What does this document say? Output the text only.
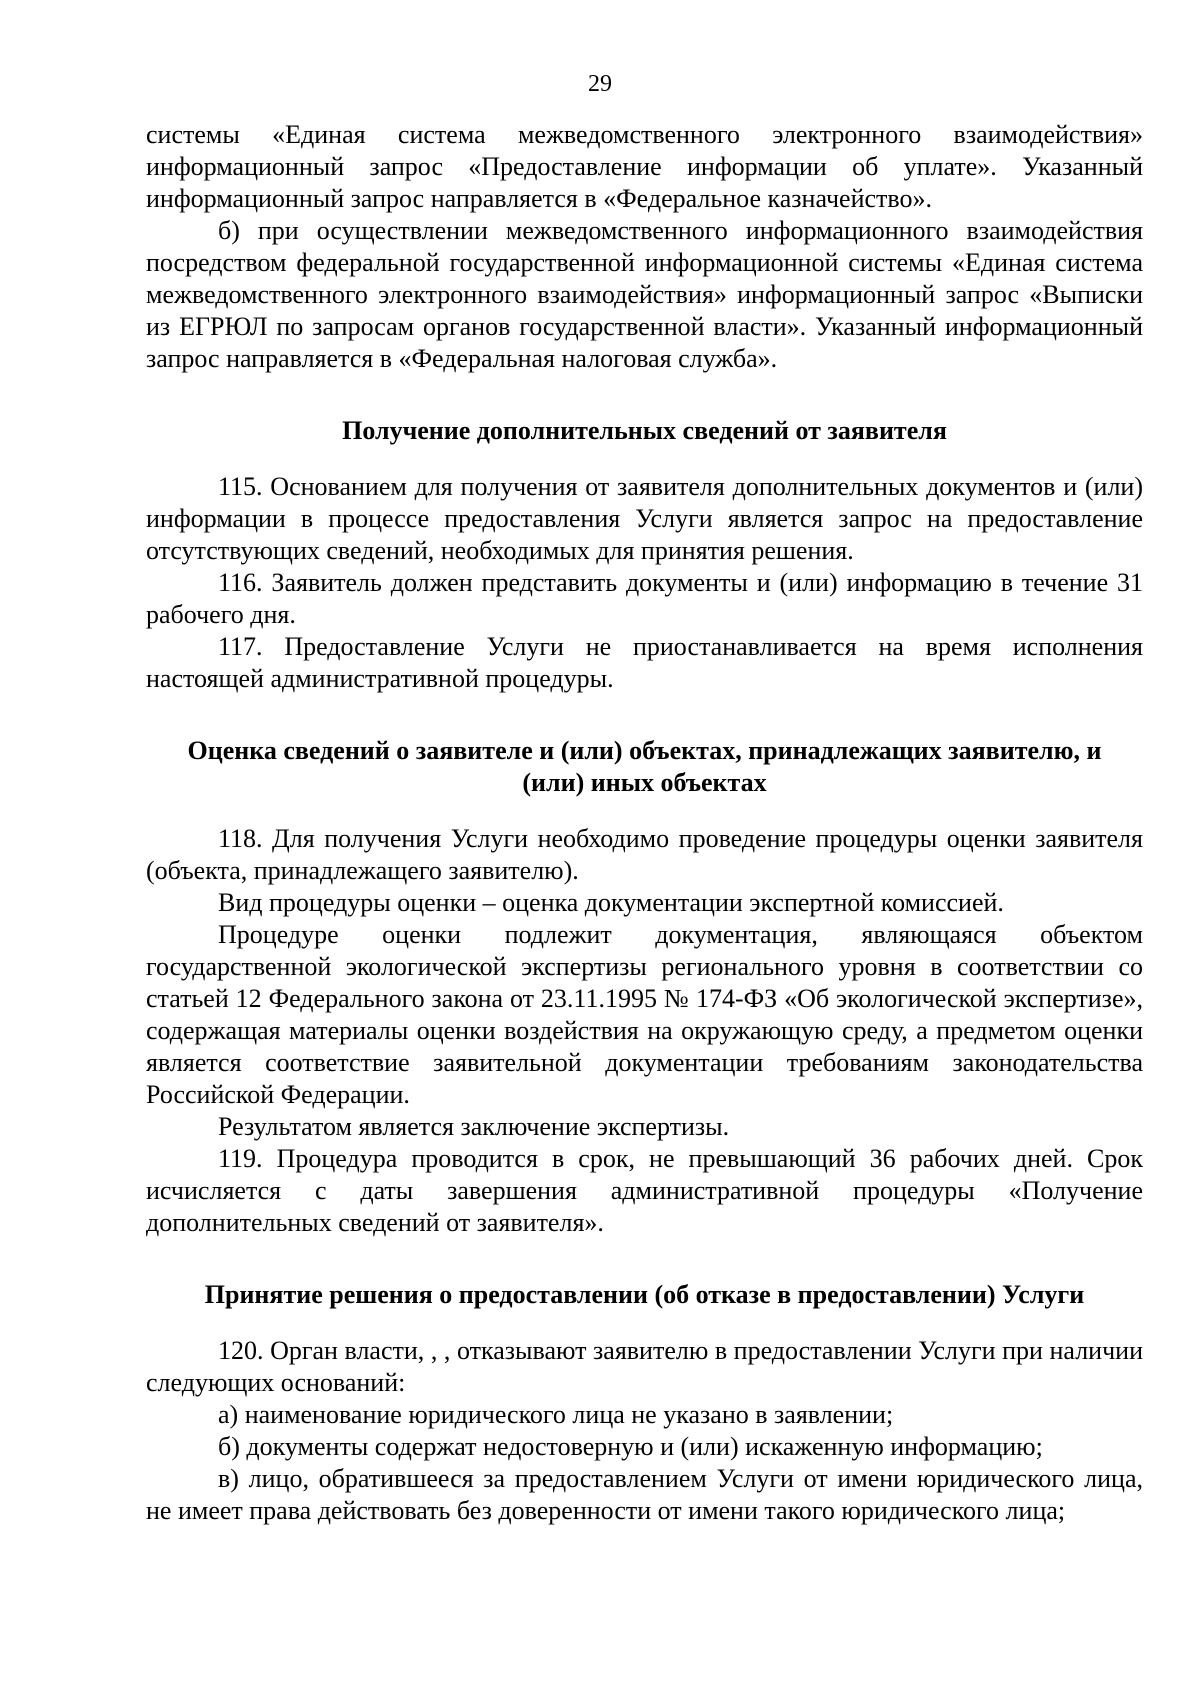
29

системы «Единая система межведомственного электронного взаимодействия» информационный запрос «Предоставление информации об уплате». Указанный информационный запрос направляется в «Федеральное казначейство».

б) при осуществлении межведомственного информационного взаимодействия посредством федеральной государственной информационной системы «Единая система межведомственного электронного взаимодействия» информационный запрос «Выписки из ЕГРЮЛ по запросам органов государственной власти». Указанный информационный запрос направляется в «Федеральная налоговая служба».

Получение дополнительных сведений от заявителя

115. Основанием для получения от заявителя дополнительных документов и (или) информации в процессе предоставления Услуги является запрос на предоставление отсутствующих сведений, необходимых для принятия решения.

116. Заявитель должен представить документы и (или) информацию в течение 31 рабочего дня.

117. Предоставление Услуги не приостанавливается на время исполнения настоящей административной процедуры.

Оценка сведений о заявителе и (или) объектах, принадлежащих заявителю, и
(или) иных объектах

118. Для получения Услуги необходимо проведение процедуры оценки заявителя (объекта, принадлежащего заявителю).

Вид процедуры оценки – оценка документации экспертной комиссией.

Процедуре оценки подлежит документация, являющаяся объектом государственной экологической экспертизы регионального уровня в соответствии со статьей 12 Федерального закона от 23.11.1995 № 174-ФЗ «Об экологической экспертизе», содержащая материалы оценки воздействия на окружающую среду, а предметом оценки является соответствие заявительной документации требованиям законодательства Российской Федерации.

Результатом является заключение экспертизы.

119. Процедура проводится в срок, не превышающий 36 рабочих дней. Срок исчисляется с даты завершения административной процедуры «Получение дополнительных сведений от заявителя».

Принятие решения о предоставлении (об отказе в предоставлении) Услуги

120. Орган власти, , , отказывают заявителю в предоставлении Услуги при наличии следующих оснований:

а) наименование юридического лица не указано в заявлении;

б) документы содержат недостоверную и (или) искаженную информацию;

в) лицо, обратившееся за предоставлением Услуги от имени юридического лица, не имеет права действовать без доверенности от имени такого юридического лица;
